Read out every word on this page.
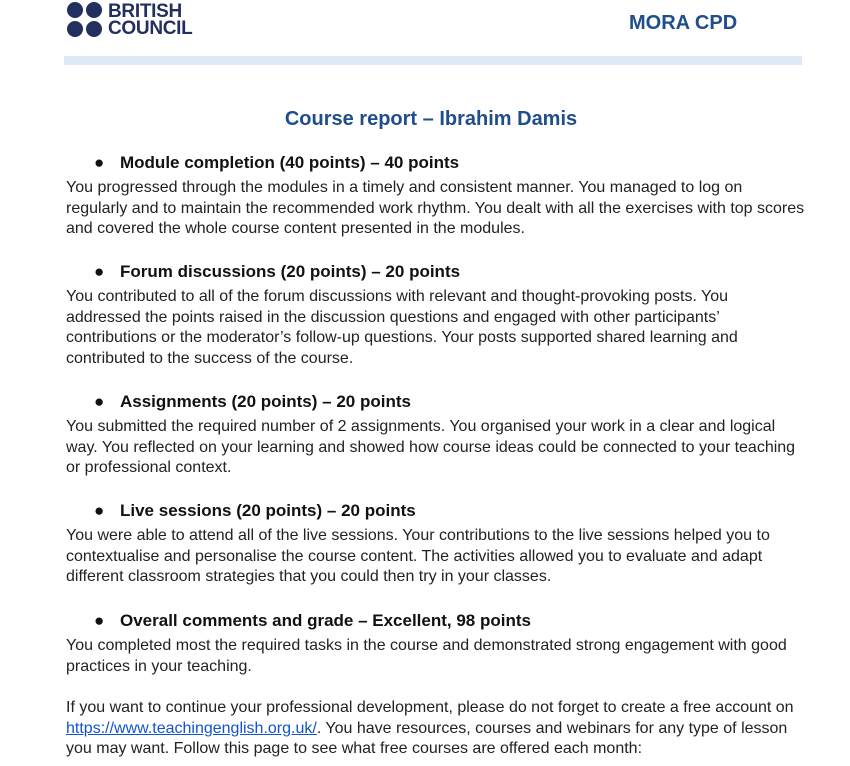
BRITISH
COUNCIL	MORA CPD
Course report – Ibrahim Damis
● Module completion (40 points) – 40 points
You progressed through the modules in a timely and consistent manner. You managed to log on regularly and to maintain the recommended work rhythm. You dealt with all the exercises with top scores and covered the whole course content presented in the modules.
● Forum discussions (20 points) – 20 points
You contributed to all of the forum discussions with relevant and thought-provoking posts. You addressed the points raised in the discussion questions and engaged with other participants’ contributions or the moderator’s follow-up questions. Your posts supported shared learning and contributed to the success of the course.
● Assignments (20 points) – 20 points
You submitted the required number of 2 assignments. You organised your work in a clear and logical way. You reflected on your learning and showed how course ideas could be connected to your teaching or professional context.
● Live sessions (20 points) – 20 points
You were able to attend all of the live sessions. Your contributions to the live sessions helped you to contextualise and personalise the course content. The activities allowed you to evaluate and adapt different classroom strategies that you could then try in your classes.
● Overall comments and grade – Excellent, 98 points
You completed most the required tasks in the course and demonstrated strong engagement with good practices in your teaching.
If you want to continue your professional development, please do not forget to create a free account on https://www.teachingenglish.org.uk/. You have resources, courses and webinars for any type of lesson you may want. Follow this page to see what free courses are offered each month:
